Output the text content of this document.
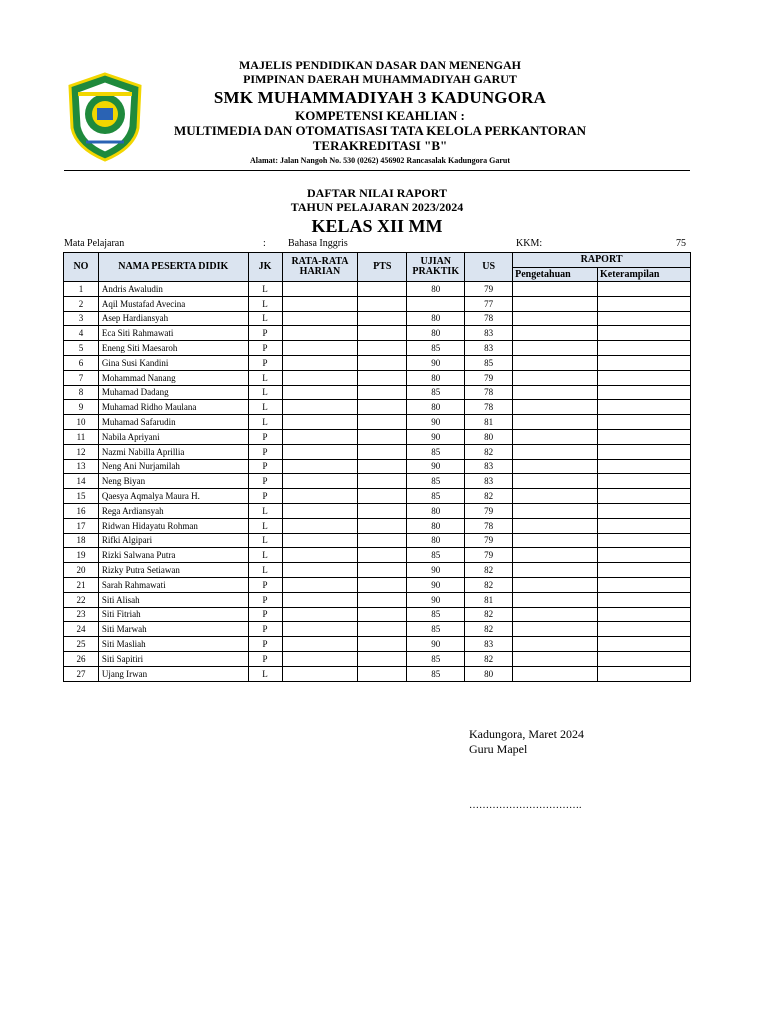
MAJELIS PENDIDIKAN DASAR DAN MENENGAH
PIMPINAN DAERAH MUHAMMADIYAH GARUT
SMK MUHAMMADIYAH 3 KADUNGORA
KOMPETENSI KEAHLIAN :
MULTIMEDIA DAN OTOMATISASI TATA KELOLA PERKANTORAN
TERAKREDITASI "B"
Alamat: Jalan Nangoh No. 530 (0262) 456902 Rancasalak Kadungora Garut
DAFTAR NILAI RAPORT
TAHUN PELAJARAN 2023/2024
KELAS XII MM
Mata Pelajaran	: Bahasa Inggris	KKM:	75
NO	NAMA PESERTA DIDIK	JK	RATA-RATA HARIAN	PTS	UJIAN PRAKTIK	US	RAPORT	
							Pengetahuan	Keterampilan
1	Andris Awaludin	L			80	79		
2	Aqil Mustafad Avecina	L				77		
3	Asep Hardiansyah	L			80	78		
4	Eca Siti Rahmawati	P			80	83		
5	Eneng Siti Maesaroh	P			85	83		
6	Gina Susi Kandini	P			90	85		
7	Mohammad Nanang	L			80	79		
8	Muhamad Dadang	L			85	78		
9	Muhamad Ridho Maulana	L			80	78		
10	Muhamad Safarudin	L			90	81		
11	Nabila Apriyani	P			90	80		
12	Nazmi Nabilla Aprillia	P			85	82		
13	Neng Ani Nurjamilah	P			90	83		
14	Neng Biyan	P			85	83		
15	Qaesya Aqmalya Maura H.	P			85	82		
16	Rega Ardiansyah	L			80	79		
17	Ridwan Hidayatu Rohman	L			80	78		
18	Rifki Algipari	L			80	79		
19	Rizki Salwana Putra	L			85	79		
20	Rizky Putra Setiawan	L			90	82		
21	Sarah Rahmawati	P			90	82		
22	Siti Alisah	P			90	81		
23	Siti Fitriah	P			85	82		
24	Siti Marwah	P			85	82		
25	Siti Masliah	P			90	83		
26	Siti Sapitiri	P			85	82		
27	Ujang Irwan	L			85	80		
Kadungora, Maret 2024
Guru Mapel
…………………………….
